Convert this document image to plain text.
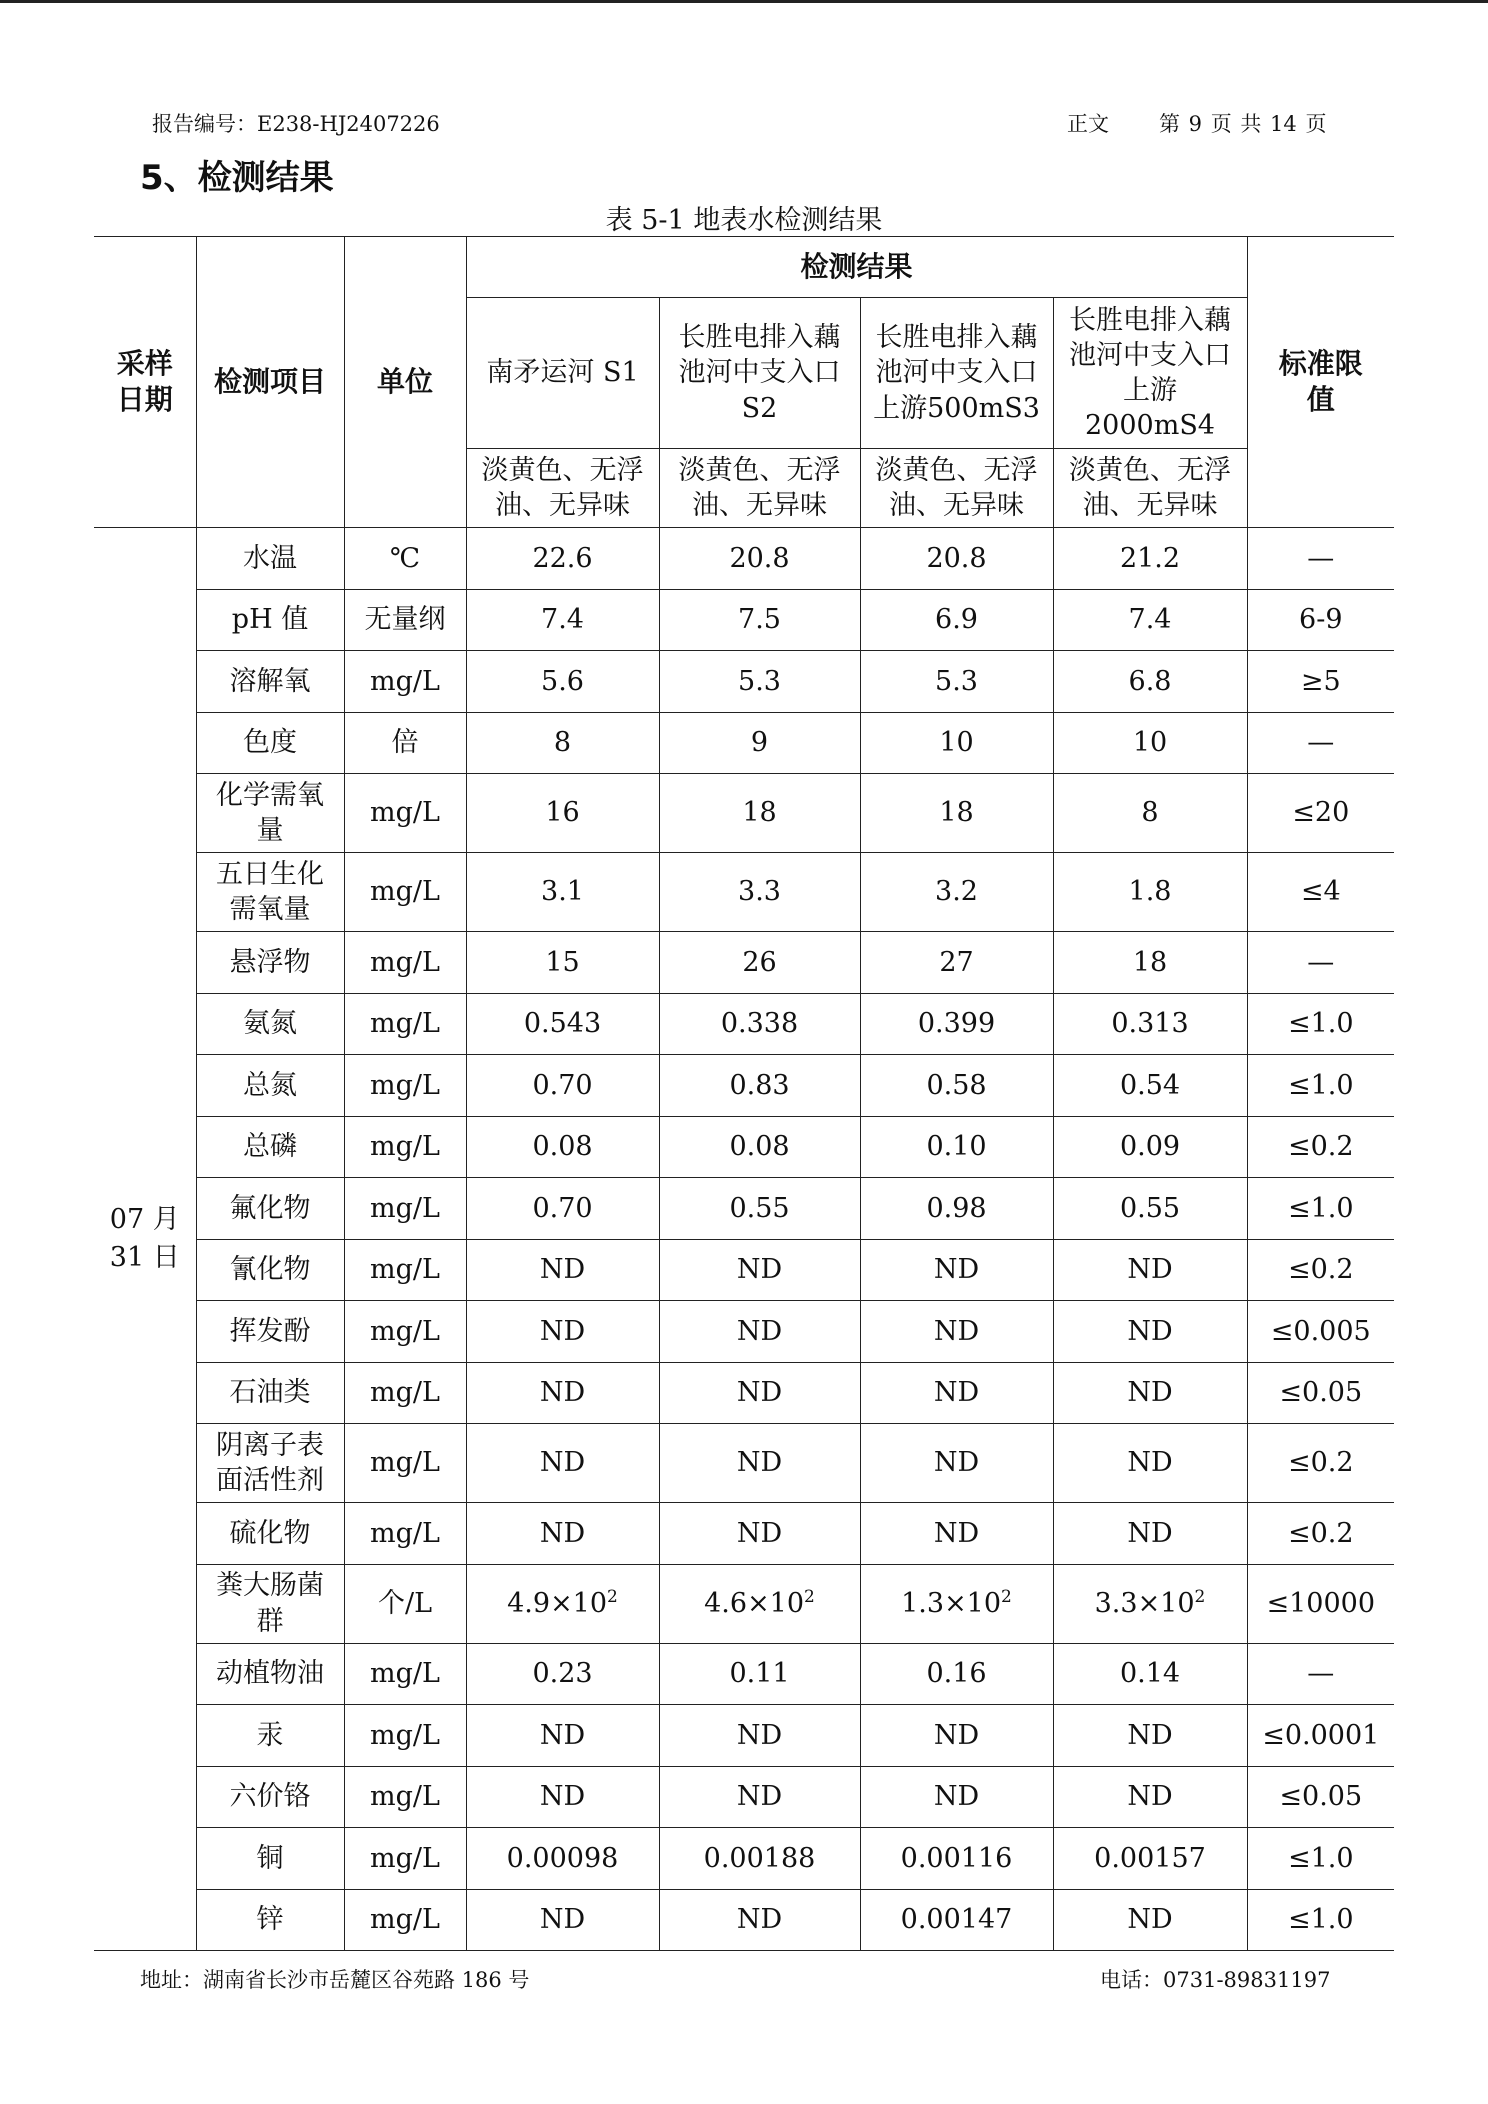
报告编号：E238-HJ2407226	正文 第 9 页 共 14 页
5、检测结果
表 5-1 地表水检测结果
采样日期	检测项目	单位	检测结果				标准限值

			南矛运河 S1	长胜电排入藕池河中支入口 S2	长胜电排入藕池河中支入口上游500mS3	长胜电排入藕池河中支入口上游2000mS4	

			淡黄色、无浮油、无异味	淡黄色、无浮油、无异味	淡黄色、无浮油、无异味	淡黄色、无浮油、无异味	

07 月 31 日	水温	℃	22.6	20.8	20.8	21.2	—

	pH 值	无量纲	7.4	7.5	6.9	7.4	6-9

	溶解氧	mg/L	5.6	5.3	5.3	6.8	≥5

	色度	倍	8	9	10	10	—

	化学需氧量	mg/L	16	18	18	8	≤20

	五日生化需氧量	mg/L	3.1	3.3	3.2	1.8	≤4

	悬浮物	mg/L	15	26	27	18	—

	氨氮	mg/L	0.543	0.338	0.399	0.313	≤1.0

	总氮	mg/L	0.70	0.83	0.58	0.54	≤1.0

	总磷	mg/L	0.08	0.08	0.10	0.09	≤0.2

	氟化物	mg/L	0.70	0.55	0.98	0.55	≤1.0

	氰化物	mg/L	ND	ND	ND	ND	≤0.2

	挥发酚	mg/L	ND	ND	ND	ND	≤0.005

	石油类	mg/L	ND	ND	ND	ND	≤0.05

	阴离子表面活性剂	mg/L	ND	ND	ND	ND	≤0.2

	硫化物	mg/L	ND	ND	ND	ND	≤0.2

	粪大肠菌群	个/L	$4.9\times 10^2$	$4.6\times 10^2$	$1.3\times 10^2$	$3.3\times 10^2$	≤10000

	动植物油	mg/L	0.23	0.11	0.16	0.14	—

	汞	mg/L	ND	ND	ND	ND	≤0.0001

	六价铬	mg/L	ND	ND	ND	ND	≤0.05

	铜	mg/L	0.00098	0.00188	0.00116	0.00157	≤1.0

	锌	mg/L	ND	ND	0.00147	ND	≤1.0
地址：湖南省长沙市岳麓区谷苑路 186 号	电话：0731-89831197
